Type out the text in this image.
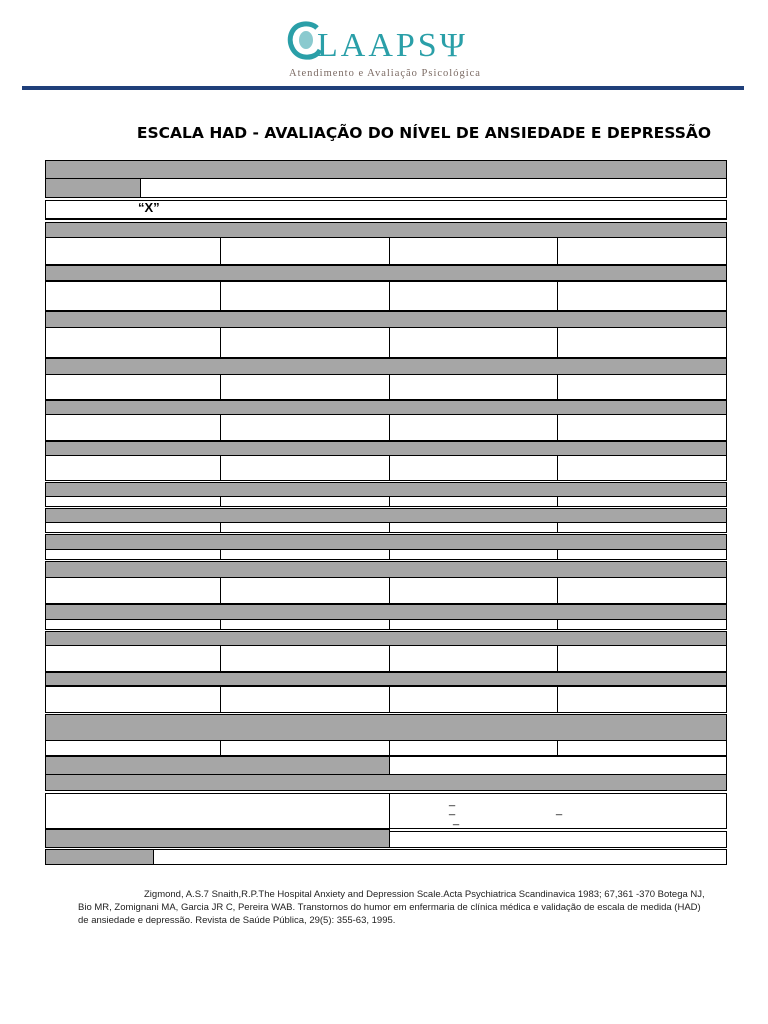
LAAPSΨ
Atendimento e Avaliação Psicológica
ESCALA HAD - AVALIAÇÃO DO NÍVEL DE ANSIEDADE E DEPRESSÃO
“X”
_
_
_
_
Zigmond, A.S.7 Snaith,R.P.The Hospital Anxiety and Depression Scale.Acta Psychiatrica Scandinavica 1983; 67,361 -370 Botega NJ, Bio MR, Zomignani MA, Garcia JR C, Pereira WAB. Transtornos do humor em enfermaria de clínica médica e validação de escala de medida (HAD) de ansiedade e depressão. Revista de Saúde Pública, 29(5): 355-63, 1995.
